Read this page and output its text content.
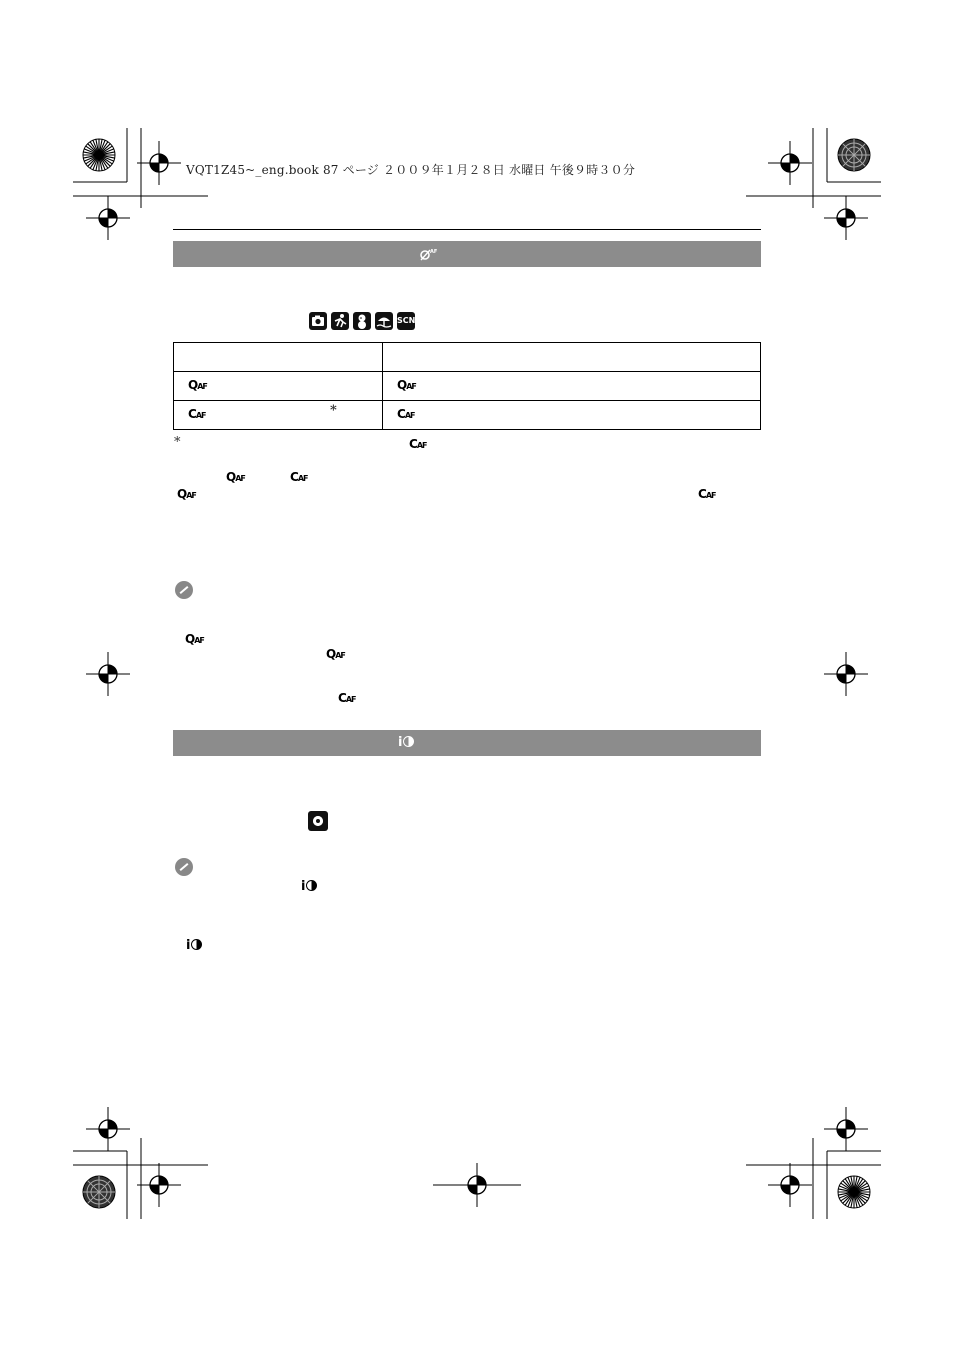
VQT1Z45~_eng.book 87 ページ ２００９年１月２８日 水曜日 午後９時３０分
AF
SCN

QAF	QAF
CAF *	CAF
*	CAF
QAF	CAF
QAF	CAF
QAF
QAF
CAF
i
i
i
